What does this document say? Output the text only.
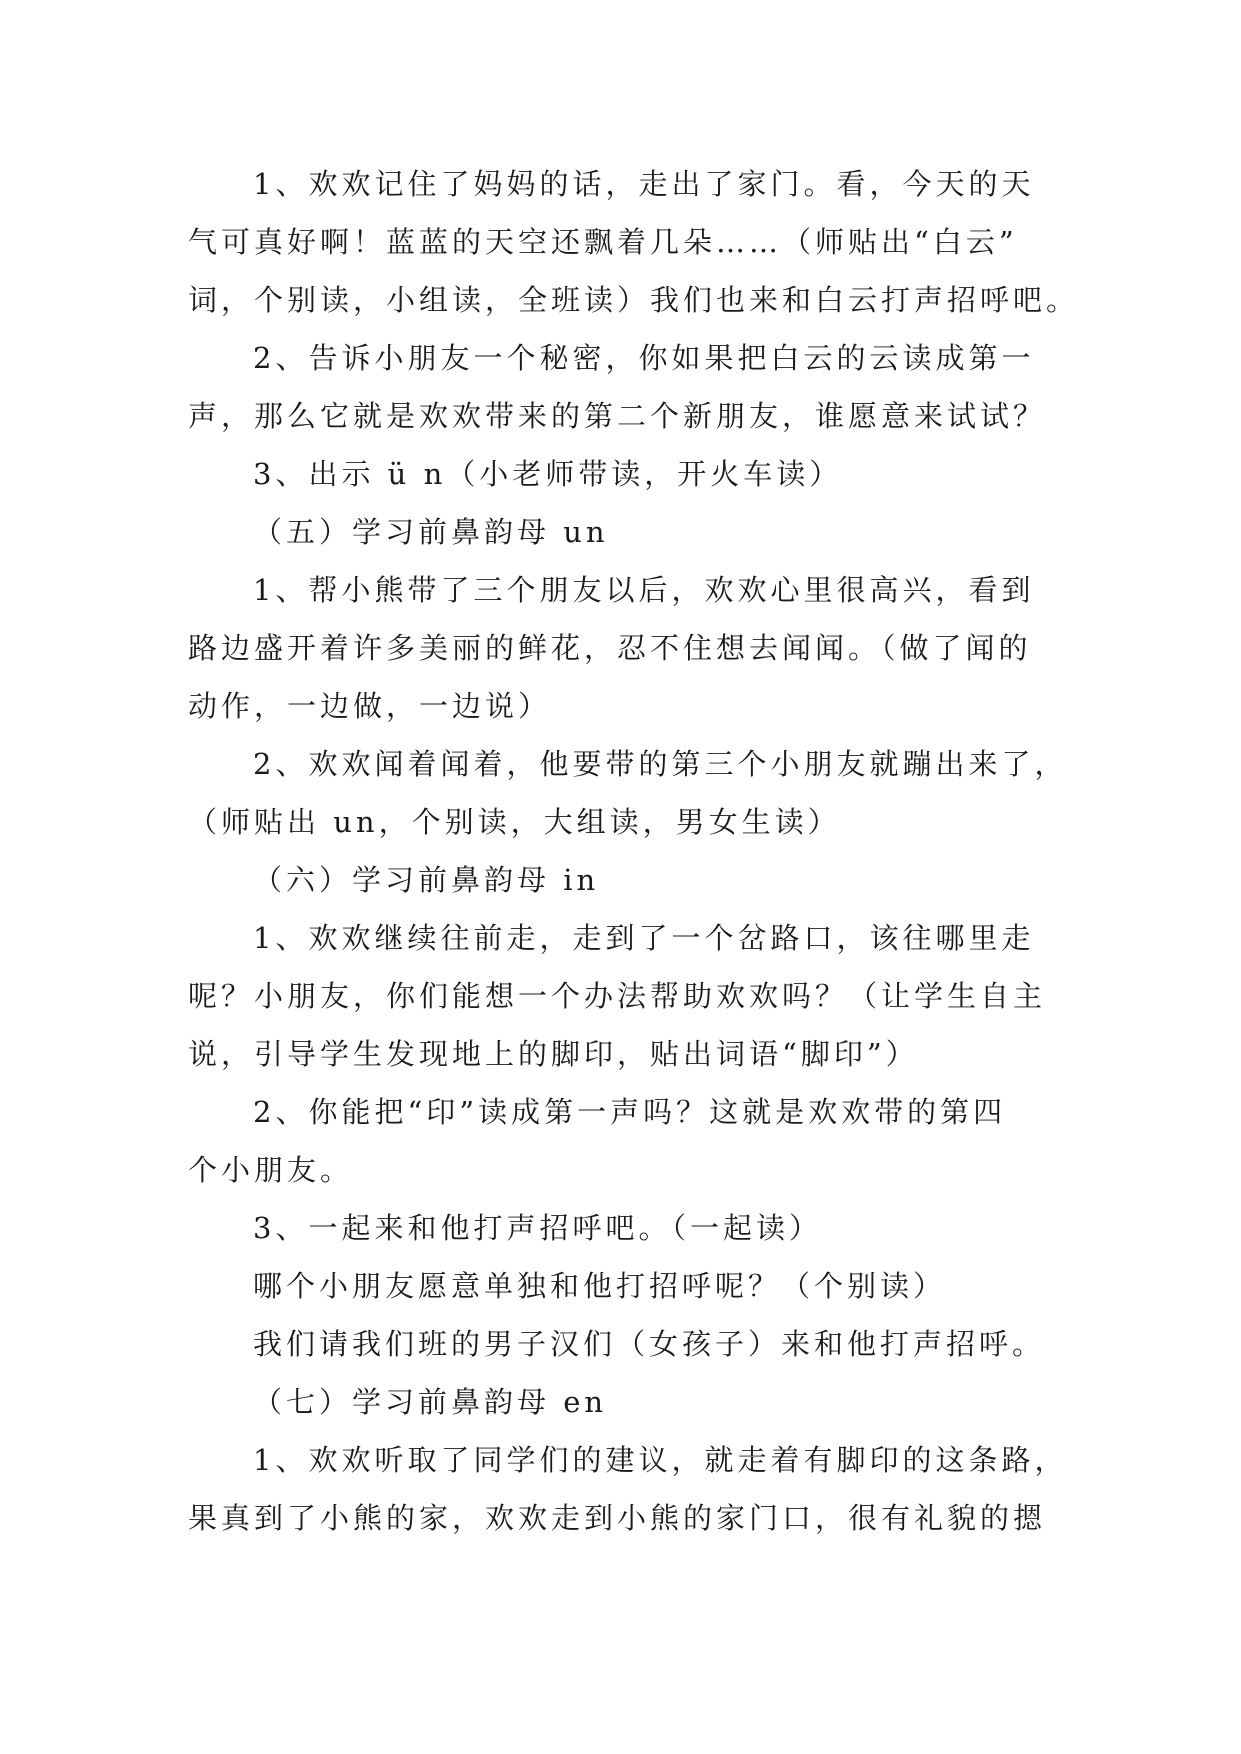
1、欢欢记住了妈妈的话，走出了家门。看，今天的天
气可真好啊！蓝蓝的天空还飘着几朵……（师贴出“白云”
词，个别读，小组读，全班读）我们也来和白云打声招呼吧。
2、告诉小朋友一个秘密，你如果把白云的云读成第一
声，那么它就是欢欢带来的第二个新朋友，谁愿意来试试？
3、出示 ü n（小老师带读，开火车读）
（五）学习前鼻韵母 un
1、帮小熊带了三个朋友以后，欢欢心里很高兴，看到
路边盛开着许多美丽的鲜花，忍不住想去闻闻。（做了闻的
动作，一边做，一边说）
2、欢欢闻着闻着，他要带的第三个小朋友就蹦出来了，
（师贴出 un，个别读，大组读，男女生读）
（六）学习前鼻韵母 in
1、欢欢继续往前走，走到了一个岔路口，该往哪里走
呢？小朋友，你们能想一个办法帮助欢欢吗？（让学生自主
说，引导学生发现地上的脚印，贴出词语“脚印”）
2、你能把“印”读成第一声吗？这就是欢欢带的第四
个小朋友。
3、一起来和他打声招呼吧。（一起读）
哪个小朋友愿意单独和他打招呼呢？（个别读）
我们请我们班的男子汉们（女孩子）来和他打声招呼。
（七）学习前鼻韵母 en
1、欢欢听取了同学们的建议，就走着有脚印的这条路，
果真到了小熊的家，欢欢走到小熊的家门口，很有礼貌的摁
